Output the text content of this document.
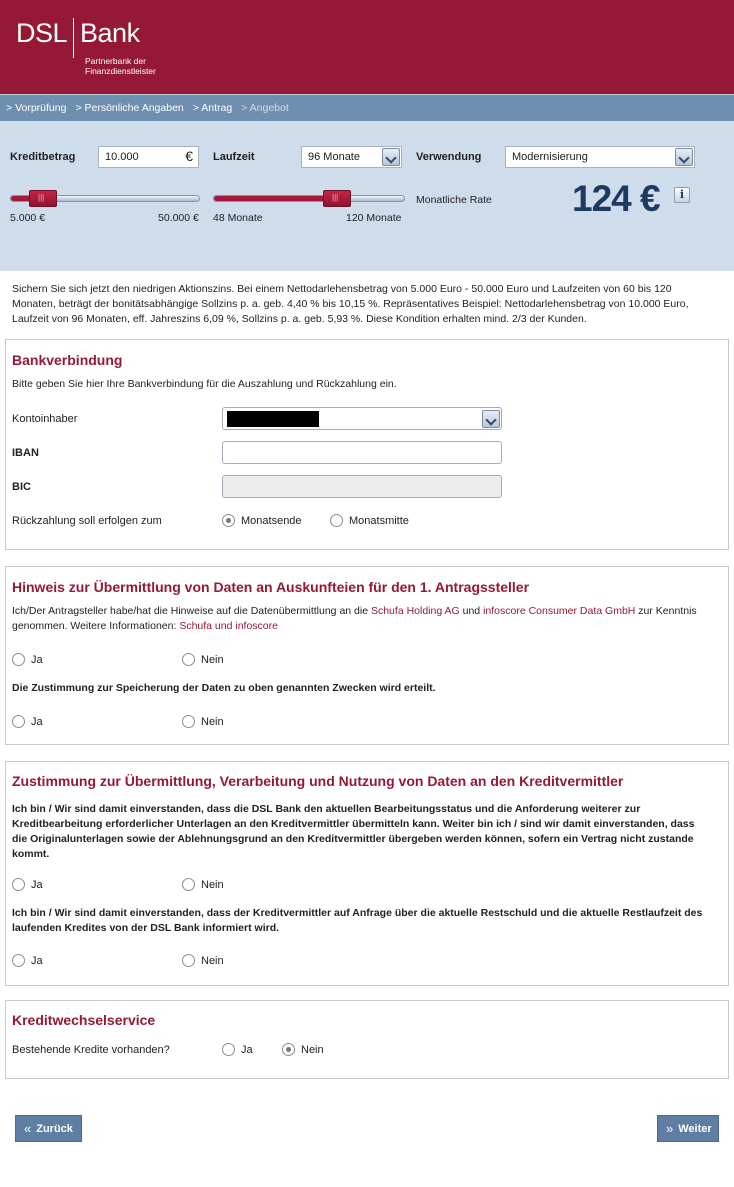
DSL Bank
Partnerbank der
Finanzdienstleister
> Vorprüfung > Persönliche Angaben > Antrag > Angebot
Kreditbetrag	10.000	€ Laufzeit	96 Monate	Verwendung	Modernisierung
|||
5.000 €	50.000 €
||| 48 Monate	120 Monate
Monatliche Rate 124 €	i
Sichern Sie sich jetzt den niedrigen Aktionszins. Bei einem Nettodarlehensbetrag von 5.000 Euro - 50.000 Euro und Laufzeiten von 60 bis 120 Monaten, beträgt der bonitätsabhängige Sollzins p. a. geb. 4,40 % bis 10,15 %. Repräsentatives Beispiel: Nettodarlehensbetrag von 10.000 Euro, Laufzeit von 96 Monaten, eff. Jahreszins 6,09 %, Sollzins p. a. geb. 5,93 %. Diese Kondition erhalten mind. 2/3 der Kunden.
Bankverbindung
Bitte geben Sie hier Ihre Bankverbindung für die Auszahlung und Rückzahlung ein.
Kontoinhaber
IBAN
BIC
Rückzahlung soll erfolgen zum	Monatsende	Monatsmitte
Hinweis zur Übermittlung von Daten an Auskunfteien für den 1. Antragssteller
Ich/Der Antragsteller habe/hat die Hinweise auf die Datenübermittlung an die Schufa Holding AG und infoscore Consumer Data GmbH zur Kenntnis genommen. Weitere Informationen: Schufa und infoscore
Ja	Nein
Die Zustimmung zur Speicherung der Daten zu oben genannten Zwecken wird erteilt.
Ja	Nein
Zustimmung zur Übermittlung, Verarbeitung und Nutzung von Daten an den Kreditvermittler
Ich bin / Wir sind damit einverstanden, dass die DSL Bank den aktuellen Bearbeitungsstatus und die Anforderung weiterer zur Kreditbearbeitung erforderlicher Unterlagen an den Kreditvermittler übermitteln kann. Weiter bin ich / sind wir damit einverstanden, dass die Originalunterlagen sowie der Ablehnungsgrund an den Kreditvermittler übergeben werden können, sofern ein Vertrag nicht zustande kommt.
Ja	Nein
Ich bin / Wir sind damit einverstanden, dass der Kreditvermittler auf Anfrage über die aktuelle Restschuld und die aktuelle Restlaufzeit des laufenden Kredites von der DSL Bank informiert wird.
Ja	Nein
Kreditwechselservice
Bestehende Kredite vorhanden?	Ja	Nein
« Zurück	» Weiter
